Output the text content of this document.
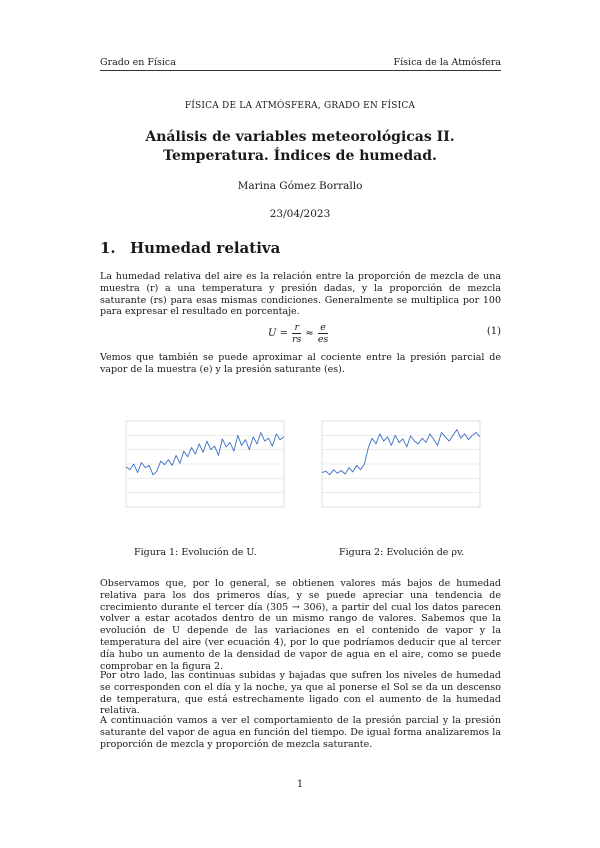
Grado en Física	Física de la Atmósfera
FÍSICA DE LA ATMÓSFERA, GRADO EN FÍSICA
Análisis de variables meteorológicas II.
Temperatura. Índices de humedad.
Marina Gómez Borrallo
23/04/2023
1. Humedad relativa

La humedad relativa del aire es la relación entre la proporción de mezcla de una muestra (r) a una temperatura y presión dadas, y la proporción de mezcla saturante (rs) para esas mismas condiciones. Generalmente se multiplica por 100 para expresar el resultado en porcentaje.

$U = \frac{r}{rs} \approx \frac{e}{es}$	(1)

Vemos que también se puede aproximar al cociente entre la presión parcial de vapor de la muestra (e) y la presión saturante (es).

Figura 1: Evolución de U.	Figura 2: Evolución de ρv.

Observamos que, por lo general, se obtienen valores más bajos de humedad relativa para los dos primeros días, y se puede apreciar una tendencia de crecimiento durante el tercer día (305 → 306), a partir del cual los datos parecen volver a estar acotados dentro de un mismo rango de valores. Sabemos que la evolución de U depende de las variaciones en el contenido de vapor y la temperatura del aire (ver ecuación 4), por lo que podríamos deducir que al tercer día hubo un aumento de la densidad de vapor de agua en el aire, como se puede comprobar en la figura 2.

Por otro lado, las continuas subidas y bajadas que sufren los niveles de humedad se corresponden con el día y la noche, ya que al ponerse el Sol se da un descenso de temperatura, que está estrechamente ligado con el aumento de la humedad relativa.

A continuación vamos a ver el comportamiento de la presión parcial y la presión saturante del vapor de agua en función del tiempo. De igual forma analizaremos la proporción de mezcla y proporción de mezcla saturante.

1
